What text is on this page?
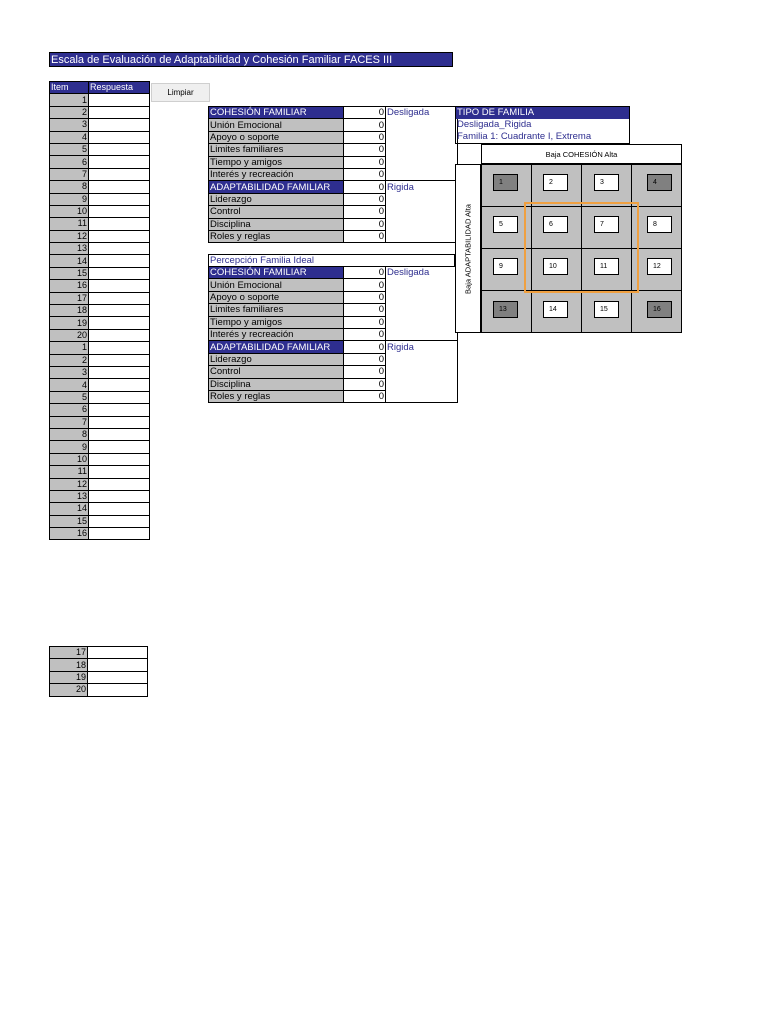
Escala de Evaluación de Adaptabilidad y Cohesión Familiar FACES III
Item	Respuesta
1	
2	
3	
4	
5	
6	
7	
8	
9	
10	
11	
12	
13	
14	
15	
16	
17	
18	
19	
20	
1	
2	
3	
4	
5	
6	
7	
8	
9	
10	
11	
12	
13	
14	
15	
16	
17	
18	
19	
20	
Limpiar
COHESIÓN FAMILIAR	0	Desligada
Unión Emocional	0	
Apoyo o soporte	0	
Limites familiares	0	
Tiempo y amigos	0	
Interés y recreación	0	
ADAPTABILIDAD FAMILIAR	0	Rigida
Liderazgo	0	
Control	0	
Disciplina	0	
Roles y reglas	0	
Percepción Familia Ideal
COHESIÓN FAMILIAR	0	Desligada
Unión Emocional	0	
Apoyo o soporte	0	
Limites familiares	0	
Tiempo y amigos	0	
Interés y recreación	0	
ADAPTABILIDAD FAMILIAR	0	Rigida
Liderazgo	0	
Control	0	
Disciplina	0	
Roles y reglas	0	
TIPO DE FAMILIA
Desligada_Rigida
Familia 1: Cuadrante I, Extrema
Baja COHESIÓN Alta
Baja ADAPTABILIDAD Alta
1	2	3	4
5	6	7	8
9	10	11	12
13	14	15	16
